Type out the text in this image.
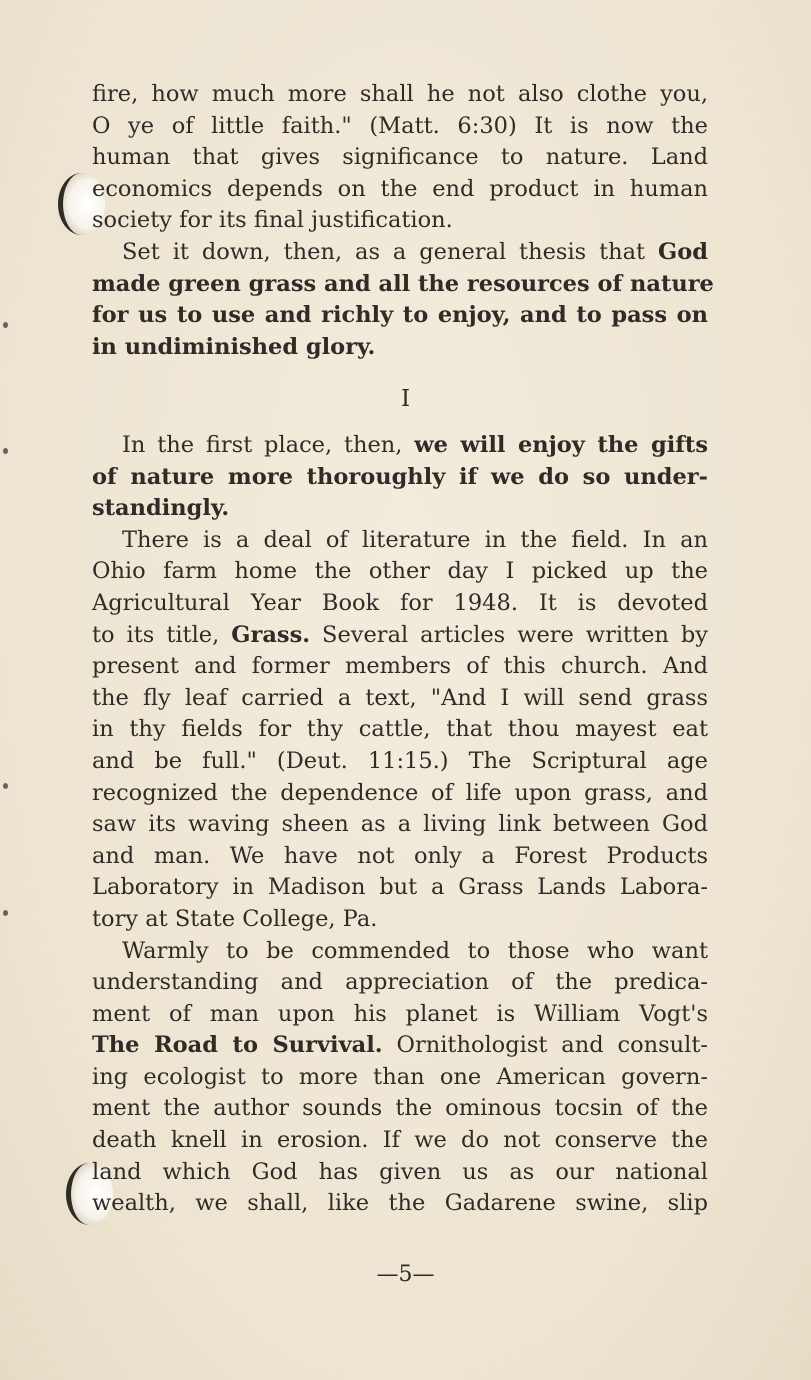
fire, how much more shall he not also clothe you,
O ye of little faith." (Matt. 6:30) It is now the
human that gives significance to nature. Land
economics depends on the end product in human
society for its final justification.
Set it down, then, as a general thesis that God
made green grass and all the resources of nature
for us to use and richly to enjoy, and to pass on
in undiminished glory.
I
In the first place, then, we will enjoy the gifts
of nature more thoroughly if we do so under-
standingly.
There is a deal of literature in the field. In an
Ohio farm home the other day I picked up the
Agricultural Year Book for 1948. It is devoted
to its title, Grass. Several articles were written by
present and former members of this church. And
the fly leaf carried a text, "And I will send grass
in thy fields for thy cattle, that thou mayest eat
and be full." (Deut. 11:15.) The Scriptural age
recognized the dependence of life upon grass, and
saw its waving sheen as a living link between God
and man. We have not only a Forest Products
Laboratory in Madison but a Grass Lands Labora-
tory at State College, Pa.
Warmly to be commended to those who want
understanding and appreciation of the predica-
ment of man upon his planet is William Vogt's
The Road to Survival. Ornithologist and consult-
ing ecologist to more than one American govern-
ment the author sounds the ominous tocsin of the
death knell in erosion. If we do not conserve the
land which God has given us as our national
wealth, we shall, like the Gadarene swine, slip
—5—
